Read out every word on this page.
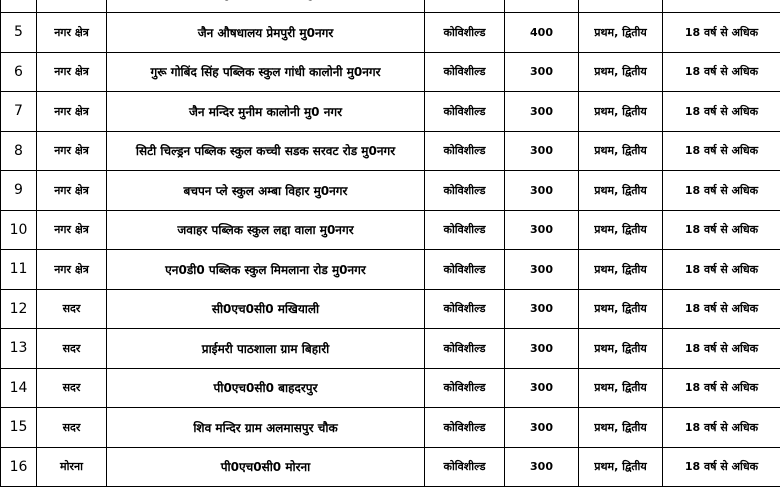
5	नगर क्षेत्र	जैन औषधालय प्रेमपुरी मु0नगर	कोविशील्ड	400	प्रथम, द्वितीय	18 वर्ष से अधिक
6	नगर क्षेत्र	गुरू गोबिंद सिंह पब्लिक स्कुल गांधी कालोनी मु0नगर	कोविशील्ड	300	प्रथम, द्वितीय	18 वर्ष से अधिक
7	नगर क्षेत्र	जैन मन्दिर मुनीम कालोनी मु0 नगर	कोविशील्ड	300	प्रथम, द्वितीय	18 वर्ष से अधिक
8	नगर क्षेत्र	सिटी चिल्ड्रन पब्लिक स्कुल कच्ची सडक सरवट रोड मु0नगर	कोविशील्ड	300	प्रथम, द्वितीय	18 वर्ष से अधिक
9	नगर क्षेत्र	बचपन प्ले स्कुल अम्बा विहार मु0नगर	कोविशील्ड	300	प्रथम, द्वितीय	18 वर्ष से अधिक
10	नगर क्षेत्र	जवाहर पब्लिक स्कुल लद्दा वाला मु0नगर	कोविशील्ड	300	प्रथम, द्वितीय	18 वर्ष से अधिक
11	नगर क्षेत्र	एन0डी0 पब्लिक स्कुल मिमलाना रोड मु0नगर	कोविशील्ड	300	प्रथम, द्वितीय	18 वर्ष से अधिक
12	सदर	सी0एच0सी0 मखियाली	कोविशील्ड	300	प्रथम, द्वितीय	18 वर्ष से अधिक
13	सदर	प्राईमरी पाठशाला ग्राम बिहारी	कोविशील्ड	300	प्रथम, द्वितीय	18 वर्ष से अधिक
14	सदर	पी0एच0सी0 बाहदरपुर	कोविशील्ड	300	प्रथम, द्वितीय	18 वर्ष से अधिक
15	सदर	शिव मन्दिर ग्राम अलमासपुर चौक	कोविशील्ड	300	प्रथम, द्वितीय	18 वर्ष से अधिक
16	मोरना	पी0एच0सी0 मोरना	कोविशील्ड	300	प्रथम, द्वितीय	18 वर्ष से अधिक
